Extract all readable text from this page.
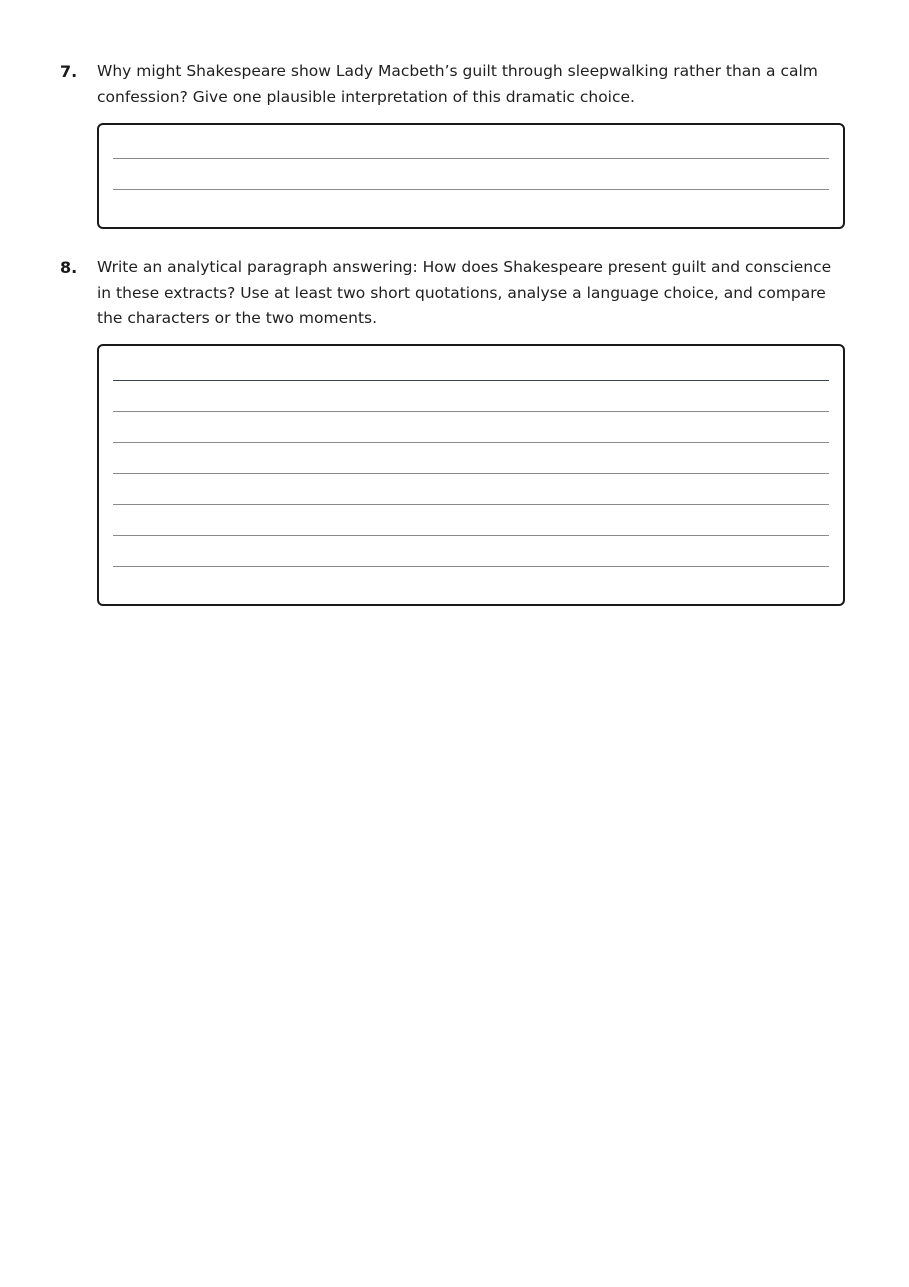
7. Why might Shakespeare show Lady Macbeth’s guilt through sleepwalking rather than a calm confession? Give one plausible interpretation of this dramatic choice.
8. Write an analytical paragraph answering: How does Shakespeare present guilt and conscience in these extracts? Use at least two short quotations, analyse a language choice, and compare the characters or the two moments.
